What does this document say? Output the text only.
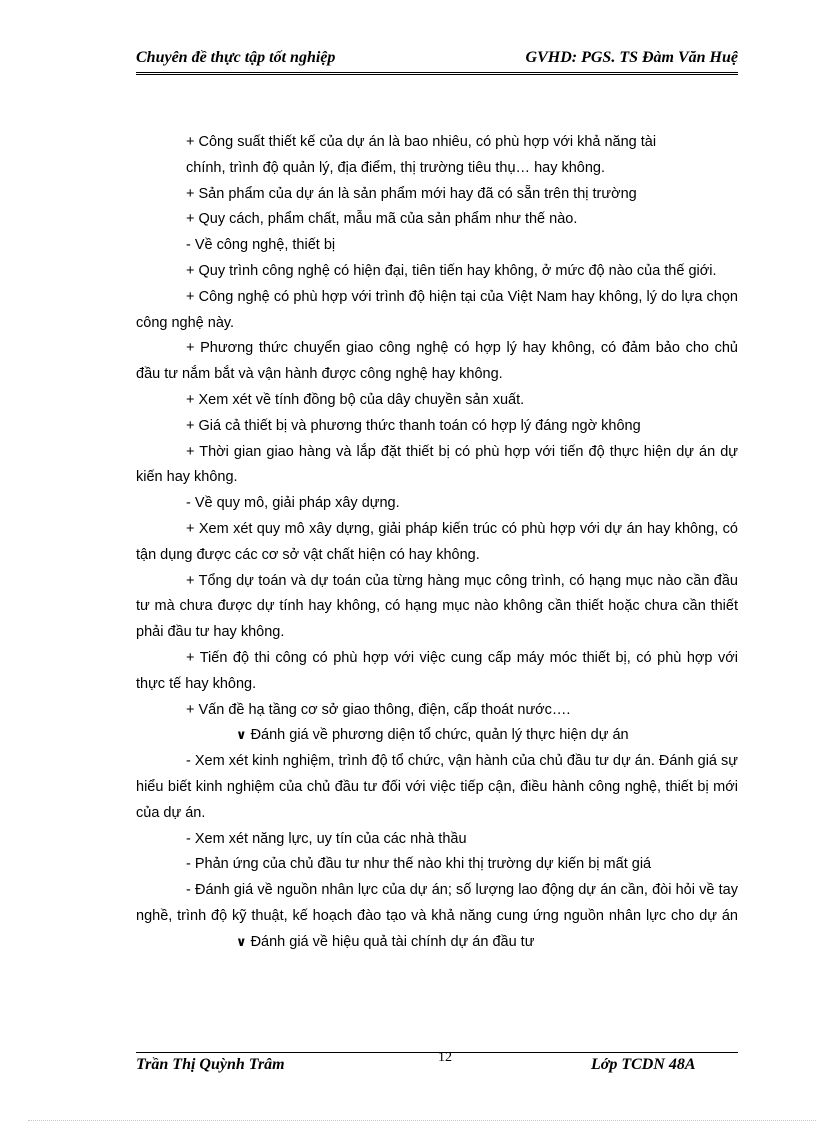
Chuyên đề thực tập tốt nghiệp	GVHD: PGS. TS Đàm Văn Huệ

+ Công suất thiết kế của dự án là bao nhiêu, có phù hợp với khả năng tài

chính, trình độ quản lý, địa điểm, thị trường tiêu thụ… hay không.

+ Sản phẩm của dự án là sản phẩm mới hay đã có sẵn trên thị trường

+ Quy cách, phẩm chất, mẫu mã của sản phẩm như thế nào.

- Về công nghệ, thiết bị

+ Quy trình công nghệ có hiện đại, tiên tiến hay không, ở mức độ nào của thế giới.

+ Công nghệ có phù hợp với trình độ hiện tại của Việt Nam hay không, lý do lựa chọn công nghệ này.

+ Phương thức chuyển giao công nghệ có hợp lý hay không, có đảm bảo cho chủ đầu tư nắm bắt và vận hành được công nghệ hay không.

+ Xem xét về tính đồng bộ của dây chuyền sản xuất.

+ Giá cả thiết bị và phương thức thanh toán có hợp lý đáng ngờ không

+ Thời gian giao hàng và lắp đặt thiết bị có phù hợp với tiến độ thực hiện dự án dự kiến hay không.

- Về quy mô, giải pháp xây dựng.

+ Xem xét quy mô xây dựng, giải pháp kiến trúc có phù hợp với dự án hay không, có tận dụng được các cơ sở vật chất hiện có hay không.

+ Tổng dự toán và dự toán của từng hàng mục công trình, có hạng mục nào cần đầu tư mà chưa được dự tính hay không, có hạng mục nào không cần thiết hoặc chưa cần thiết phải đầu tư hay không.

+ Tiến độ thi công có phù hợp với việc cung cấp máy móc thiết bị, có phù hợp với thực tế hay không.

+ Vấn đề hạ tầng cơ sở giao thông, điện, cấp thoát nước….

∨ Đánh giá về phương diện tổ chức, quản lý thực hiện dự án

- Xem xét kinh nghiệm, trình độ tổ chức, vận hành của chủ đầu tư dự án. Đánh giá sự hiểu biết kinh nghiệm của chủ đầu tư đối với việc tiếp cận, điều hành công nghệ, thiết bị mới của dự án.

- Xem xét năng lực, uy tín của các nhà thầu

- Phản ứng của chủ đầu tư như thế nào khi thị trường dự kiến bị mất giá

- Đánh giá về nguồn nhân lực của dự án; số lượng lao động dự án cần, đòi hỏi về tay nghề, trình độ kỹ thuật, kế hoạch đào tạo và khả năng cung ứng nguồn nhân lực cho dự án

∨ Đánh giá về hiệu quả tài chính dự án đầu tư

Trần Thị Quỳnh Trâm	12	Lớp TCDN 48A
